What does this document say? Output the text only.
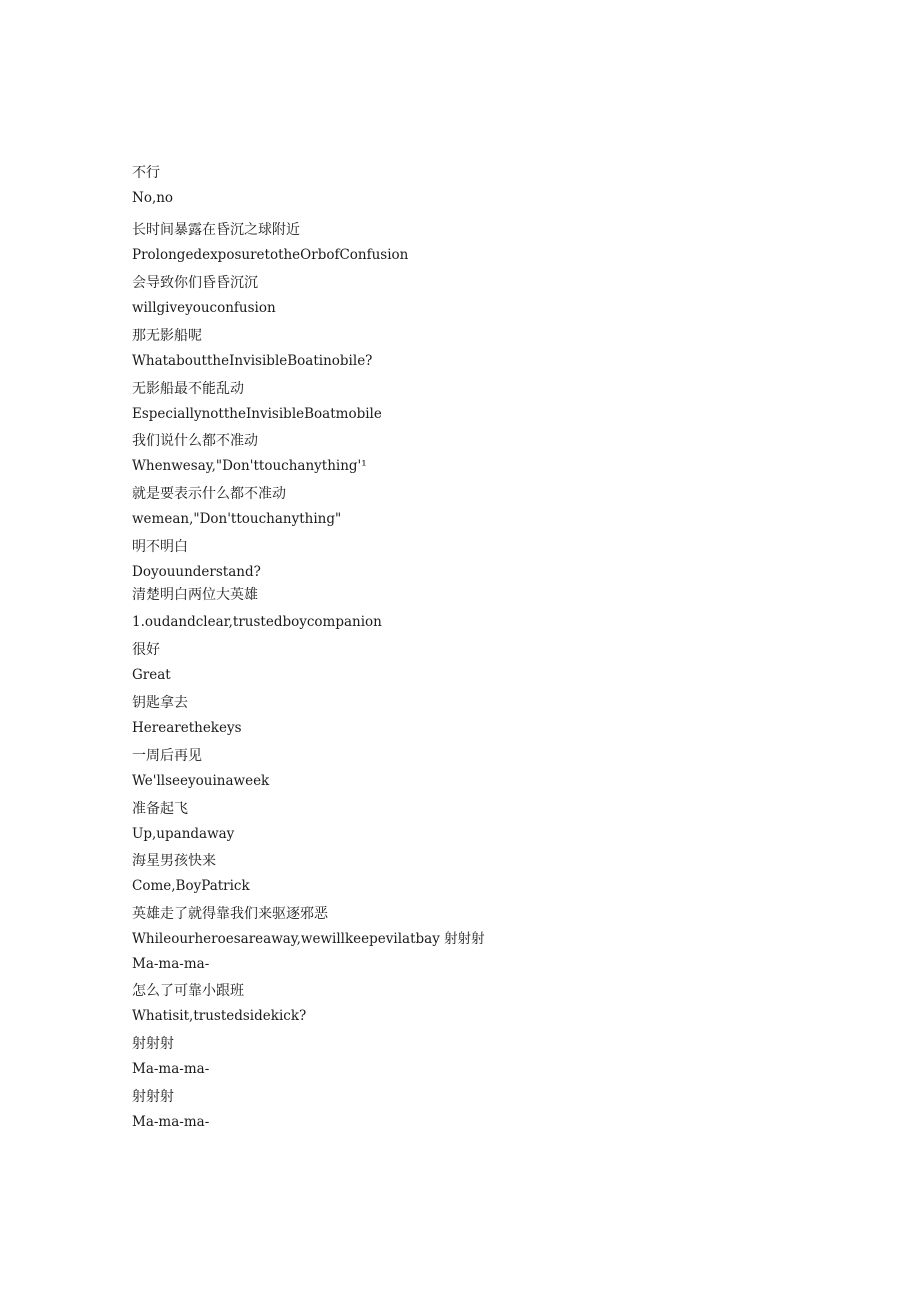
不行
No,no
长时间暴露在昏沉之球附近
ProlongedexposuretotheOrbofConfusion
会导致你们昏昏沉沉
willgiveyouconfusion
那无影船呢
WhatabouttheInvisibleBoatinobile?
无影船最不能乱动
EspeciallynottheInvisibleBoatmobile
我们说什么都不准动
Whenwesay,"Don'ttouchanything'¹
就是要表示什么都不准动
wemean,"Don'ttouchanything"
明不明白
Doyouunderstand?
清楚明白两位大英雄
1.oudandclear,trustedboycompanion
很好
Great
钥匙拿去
Herearethekeys
一周后再见
We'llseeyouinaweek
准备起飞
Up,upandaway
海星男孩快来
Come,BoyPatrick
英雄走了就得靠我们来驱逐邪恶
Whileourheroesareaway,wewillkeepevilatbay 射射射
Ma-ma-ma-
怎么了可靠小跟班
Whatisit,trustedsidekick?
射射射
Ma-ma-ma-
射射射
Ma-ma-ma-
